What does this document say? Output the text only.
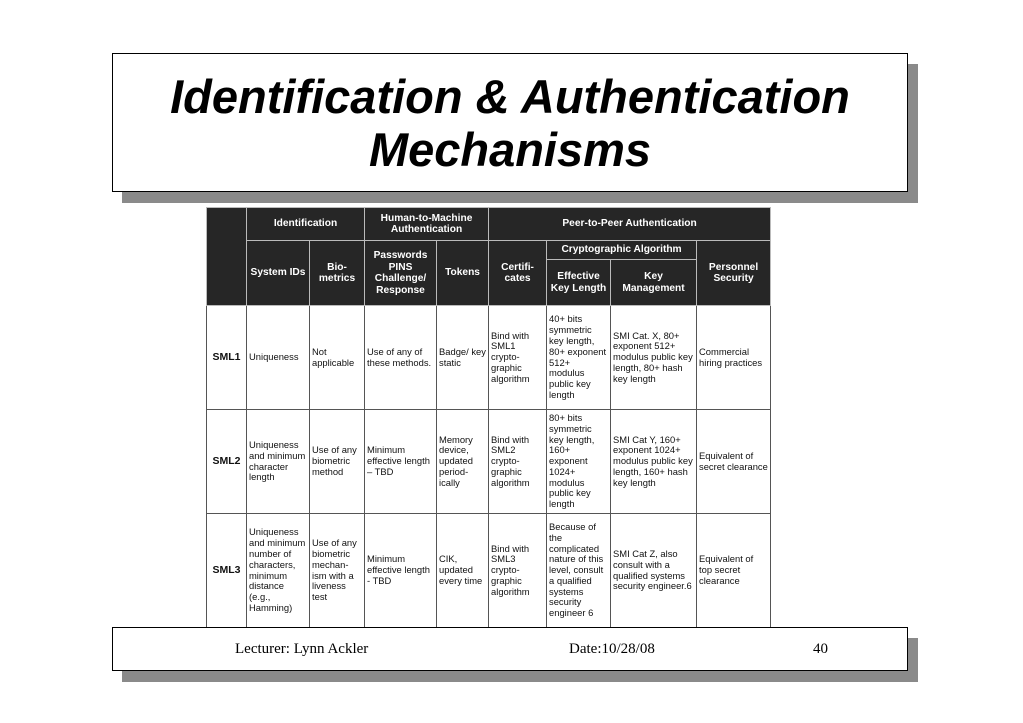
Identification & Authentication
Mechanisms
	Identification		Human-to-Machine Authentication		Peer-to-Peer Authentication			
	System IDs	Bio-metrics	Passwords PINS Challenge/ Response	Tokens	Certifi-cates	Cryptographic Algorithm		Personnel Security
						Effective Key Length	Key Management	
SML1	Uniqueness	Not applicable	Use of any of these methods.	Badge/ key static	Bind with SML1 crypto-graphic algorithm	40+ bits symmetric key length, 80+ exponent 512+ modulus public key length	SMI Cat. X, 80+ exponent 512+ modulus public key length, 80+ hash key length	Commercial hiring practices
SML2	Uniqueness and minimum character length	Use of any biometric method	Minimum effective length – TBD	Memory device, updated period-ically	Bind with SML2 crypto-graphic algorithm	80+ bits symmetric key length, 160+ exponent 1024+ modulus public key length	SMI Cat Y, 160+ exponent 1024+ modulus public key length, 160+ hash key length	Equivalent of secret clearance
SML3	Uniqueness and minimum number of characters, minimum distance (e.g., Hamming)	Use of any biometric mechan-ism with a liveness test	Minimum effective length - TBD	CIK, updated every time	Bind with SML3 crypto-graphic algorithm	Because of the complicated nature of this level, consult a qualified systems security engineer 6	SMI Cat Z, also consult with a qualified systems security engineer.6	Equivalent of top secret clearance
Lecturer: Lynn Ackler	Date:10/28/08	40
